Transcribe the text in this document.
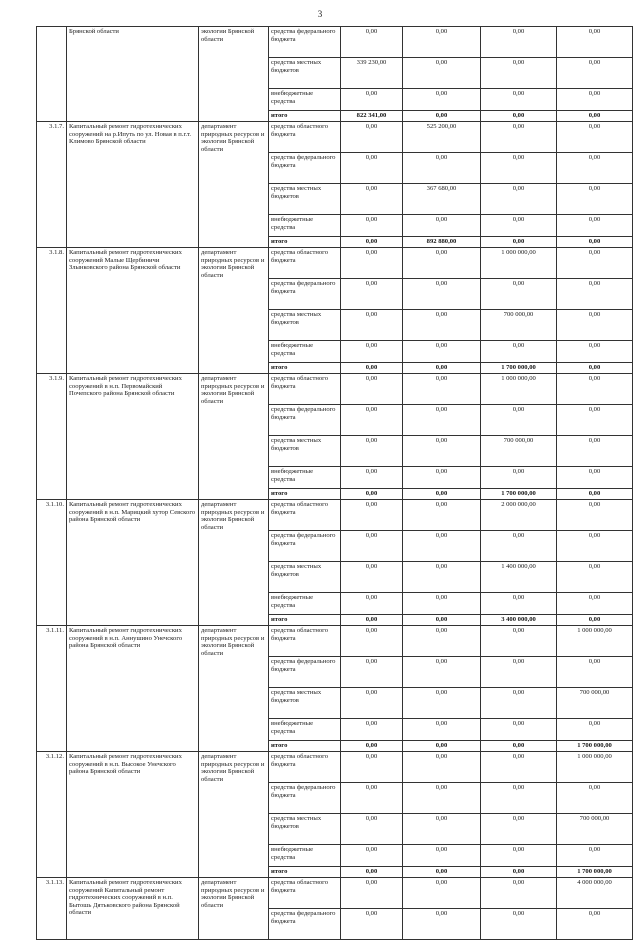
3
	Брянской области	экологии Брянской области	средства федерального бюджета	0,00	0,00	0,00	0,00
			средства местных бюджетов	339 230,00	0,00	0,00	0,00
			внебюджетные средства	0,00	0,00	0,00	0,00
			итого	822 341,00	0,00	0,00	0,00
3.1.7.	Капитальный ремонт гидротехнических сооружений на р.Ипуть по ул. Новая в п.г.т. Климово Брянской области	департамент природных ресурсов и экологии Брянской области	средства областного бюджета	0,00	525 200,00	0,00	0,00
			средства федерального бюджета	0,00	0,00	0,00	0,00
			средства местных бюджетов	0,00	367 680,00	0,00	0,00
			внебюджетные средства	0,00	0,00	0,00	0,00
			итого	0,00	892 880,00	0,00	0,00
3.1.8.	Капитальный ремонт гидротехнических сооружений Малые Щербиничи Злынковского района Брянской области	департамент природных ресурсов и экологии Брянской области	средства областного бюджета	0,00	0,00	1 000 000,00	0,00
			средства федерального бюджета	0,00	0,00	0,00	0,00
			средства местных бюджетов	0,00	0,00	700 000,00	0,00
			внебюджетные средства	0,00	0,00	0,00	0,00
			итого	0,00	0,00	1 700 000,00	0,00
3.1.9.	Капитальный ремонт гидротехнических сооружений в н.п. Первомайский Почепского района Брянской области	департамент природных ресурсов и экологии Брянской области	средства областного бюджета	0,00	0,00	1 000 000,00	0,00
			средства федерального бюджета	0,00	0,00	0,00	0,00
			средства местных бюджетов	0,00	0,00	700 000,00	0,00
			внебюджетные средства	0,00	0,00	0,00	0,00
			итого	0,00	0,00	1 700 000,00	0,00
3.1.10.	Капитальный ремонт гидротехнических сооружений в н.п. Марицкий хутор Севского района Брянской области	департамент природных ресурсов и экологии Брянской области	средства областного бюджета	0,00	0,00	2 000 000,00	0,00
			средства федерального бюджета	0,00	0,00	0,00	0,00
			средства местных бюджетов	0,00	0,00	1 400 000,00	0,00
			внебюджетные средства	0,00	0,00	0,00	0,00
			итого	0,00	0,00	3 400 000,00	0,00
3.1.11.	Капитальный ремонт гидротехнических сооружений в н.п. Аннушино Унечского района Брянской области	департамент природных ресурсов и экологии Брянской области	средства областного бюджета	0,00	0,00	0,00	1 000 000,00
			средства федерального бюджета	0,00	0,00	0,00	0,00
			средства местных бюджетов	0,00	0,00	0,00	700 000,00
			внебюджетные средства	0,00	0,00	0,00	0,00
			итого	0,00	0,00	0,00	1 700 000,00
3.1.12.	Капитальный ремонт гидротехнических сооружений в н.п. Высокое Унечского района Брянской области	департамент природных ресурсов и экологии Брянской области	средства областного бюджета	0,00	0,00	0,00	1 000 000,00
			средства федерального бюджета	0,00	0,00	0,00	0,00
			средства местных бюджетов	0,00	0,00	0,00	700 000,00
			внебюджетные средства	0,00	0,00	0,00	0,00
			итого	0,00	0,00	0,00	1 700 000,00
3.1.13.	Капитальный ремонт гидротехнических сооружений Капитальный ремонт гидротехнических сооружений в н.п. Бытошь Дятьковского района Брянской области	департамент природных ресурсов и экологии Брянской области	средства областного бюджета	0,00	0,00	0,00	4 000 000,00
			средства федерального бюджета	0,00	0,00	0,00	0,00
